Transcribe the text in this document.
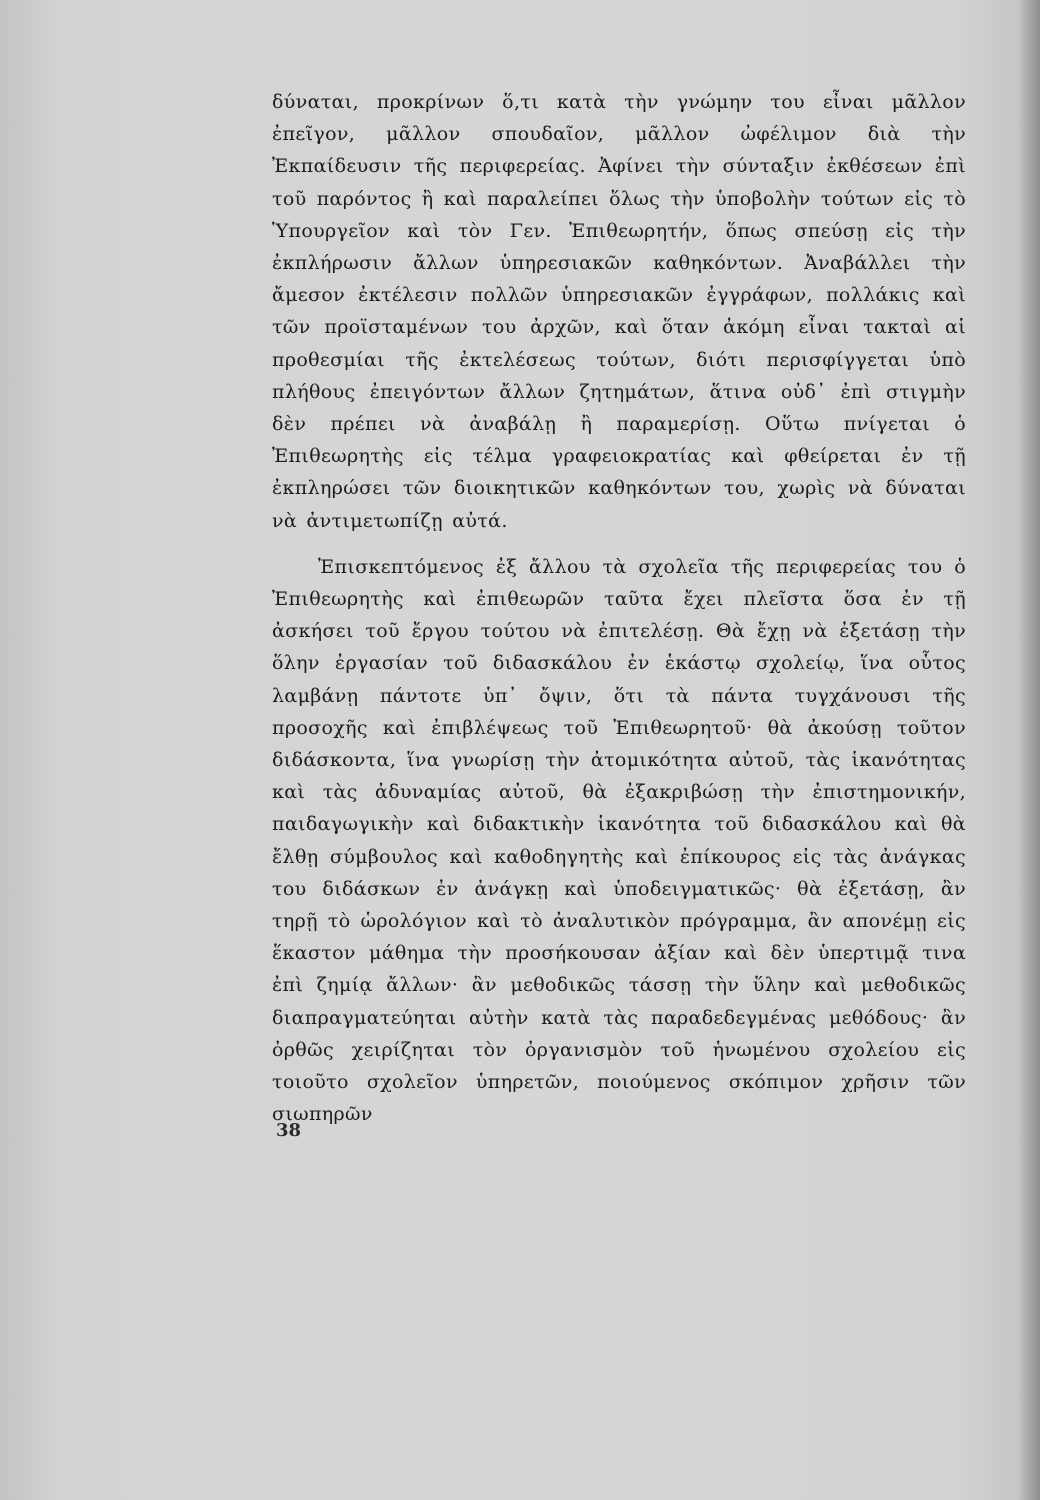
δύναται, προκρίνων ὅ,τι κατὰ τὴν γνώμην του εἶναι μᾶλλον ἐπεῖγον, μᾶλλον σπουδαῖον, μᾶλλον ὠφέλιμον διὰ τὴν Ἐκπαίδευσιν τῆς περιφερείας. Ἀφίνει τὴν σύνταξιν ἐκθέσεων ἐπὶ τοῦ παρόντος ἢ καὶ παραλείπει ὅλως τὴν ὑποβολὴν τούτων εἰς τὸ Ὑπουργεῖον καὶ τὸν Γεν. Ἐπιθεωρητήν, ὅπως σπεύσῃ εἰς τὴν ἐκπλήρωσιν ἄλλων ὑπηρεσιακῶν καθηκόντων. Ἀναβάλλει τὴν ἄμεσον ἐκτέλεσιν πολλῶν ὑπηρεσιακῶν ἐγγράφων, πολλάκις καὶ τῶν προϊσταμένων του ἀρχῶν, καὶ ὅταν ἀκόμη εἶναι τακταὶ αἱ προθεσμίαι τῆς ἐκτελέσεως τούτων, διότι περισφίγγεται ὑπὸ πλήθους ἐπειγόντων ἄλλων ζητημάτων, ἅτινα οὐδ᾿ ἐπὶ στιγμὴν δὲν πρέπει νὰ ἀναβάλῃ ἢ παραμερίσῃ. Οὕτω πνίγεται ὁ Ἐπιθεωρητὴς εἰς τέλμα γραφειοκρατίας καὶ φθείρεται ἐν τῇ ἐκπληρώσει τῶν διοικητικῶν καθηκόντων του, χωρὶς νὰ δύναται νὰ ἀντιμετωπίζῃ αὐτά.

Ἐπισκεπτόμενος ἐξ ἄλλου τὰ σχολεῖα τῆς περιφερείας του ὁ Ἐπιθεωρητὴς καὶ ἐπιθεωρῶν ταῦτα ἔχει πλεῖστα ὅσα ἐν τῇ ἀσκήσει τοῦ ἔργου τούτου νὰ ἐπιτελέσῃ. Θὰ ἔχῃ νὰ ἐξετάσῃ τὴν ὅλην ἐργασίαν τοῦ διδασκάλου ἐν ἑκάστῳ σχολείῳ, ἵνα οὗτος λαμβάνῃ πάντοτε ὑπ᾿ ὄψιν, ὅτι τὰ πάντα τυγχάνουσι τῆς προσοχῆς καὶ ἐπιβλέψεως τοῦ Ἐπιθεωρητοῦ· θὰ ἀκούσῃ τοῦτον διδάσκοντα, ἵνα γνωρίσῃ τὴν ἀτομικότητα αὐτοῦ, τὰς ἱκανότητας καὶ τὰς ἀδυναμίας αὐτοῦ, θὰ ἐξακριβώσῃ τὴν ἐπιστημονικήν, παιδαγωγικὴν καὶ διδακτικὴν ἱκανότητα τοῦ διδασκάλου καὶ θὰ ἔλθῃ σύμβουλος καὶ καθοδηγητὴς καὶ ἐπίκουρος εἰς τὰς ἀνάγκας του διδάσκων ἐν ἀνάγκῃ καὶ ὑποδειγματικῶς· θὰ ἐξετάσῃ, ἂν τηρῇ τὸ ὡρολόγιον καὶ τὸ ἀναλυτικὸν πρόγραμμα, ἂν απονέμῃ εἰς ἕκαστον μάθημα τὴν προσήκουσαν ἀξίαν καὶ δὲν ὑπερτιμᾷ τινα ἐπὶ ζημίᾳ ἄλλων· ἂν μεθοδικῶς τάσσῃ τὴν ὕλην καὶ μεθοδικῶς διαπραγματεύηται αὐτὴν κατὰ τὰς παραδεδεγμένας μεθόδους· ἂν ὀρθῶς χειρίζηται τὸν ὀργανισμὸν τοῦ ἡνωμένου σχολείου εἰς τοιοῦτο σχολεῖον ὑπηρετῶν, ποιούμενος σκόπιμον χρῆσιν τῶν σιωπηρῶν

38
